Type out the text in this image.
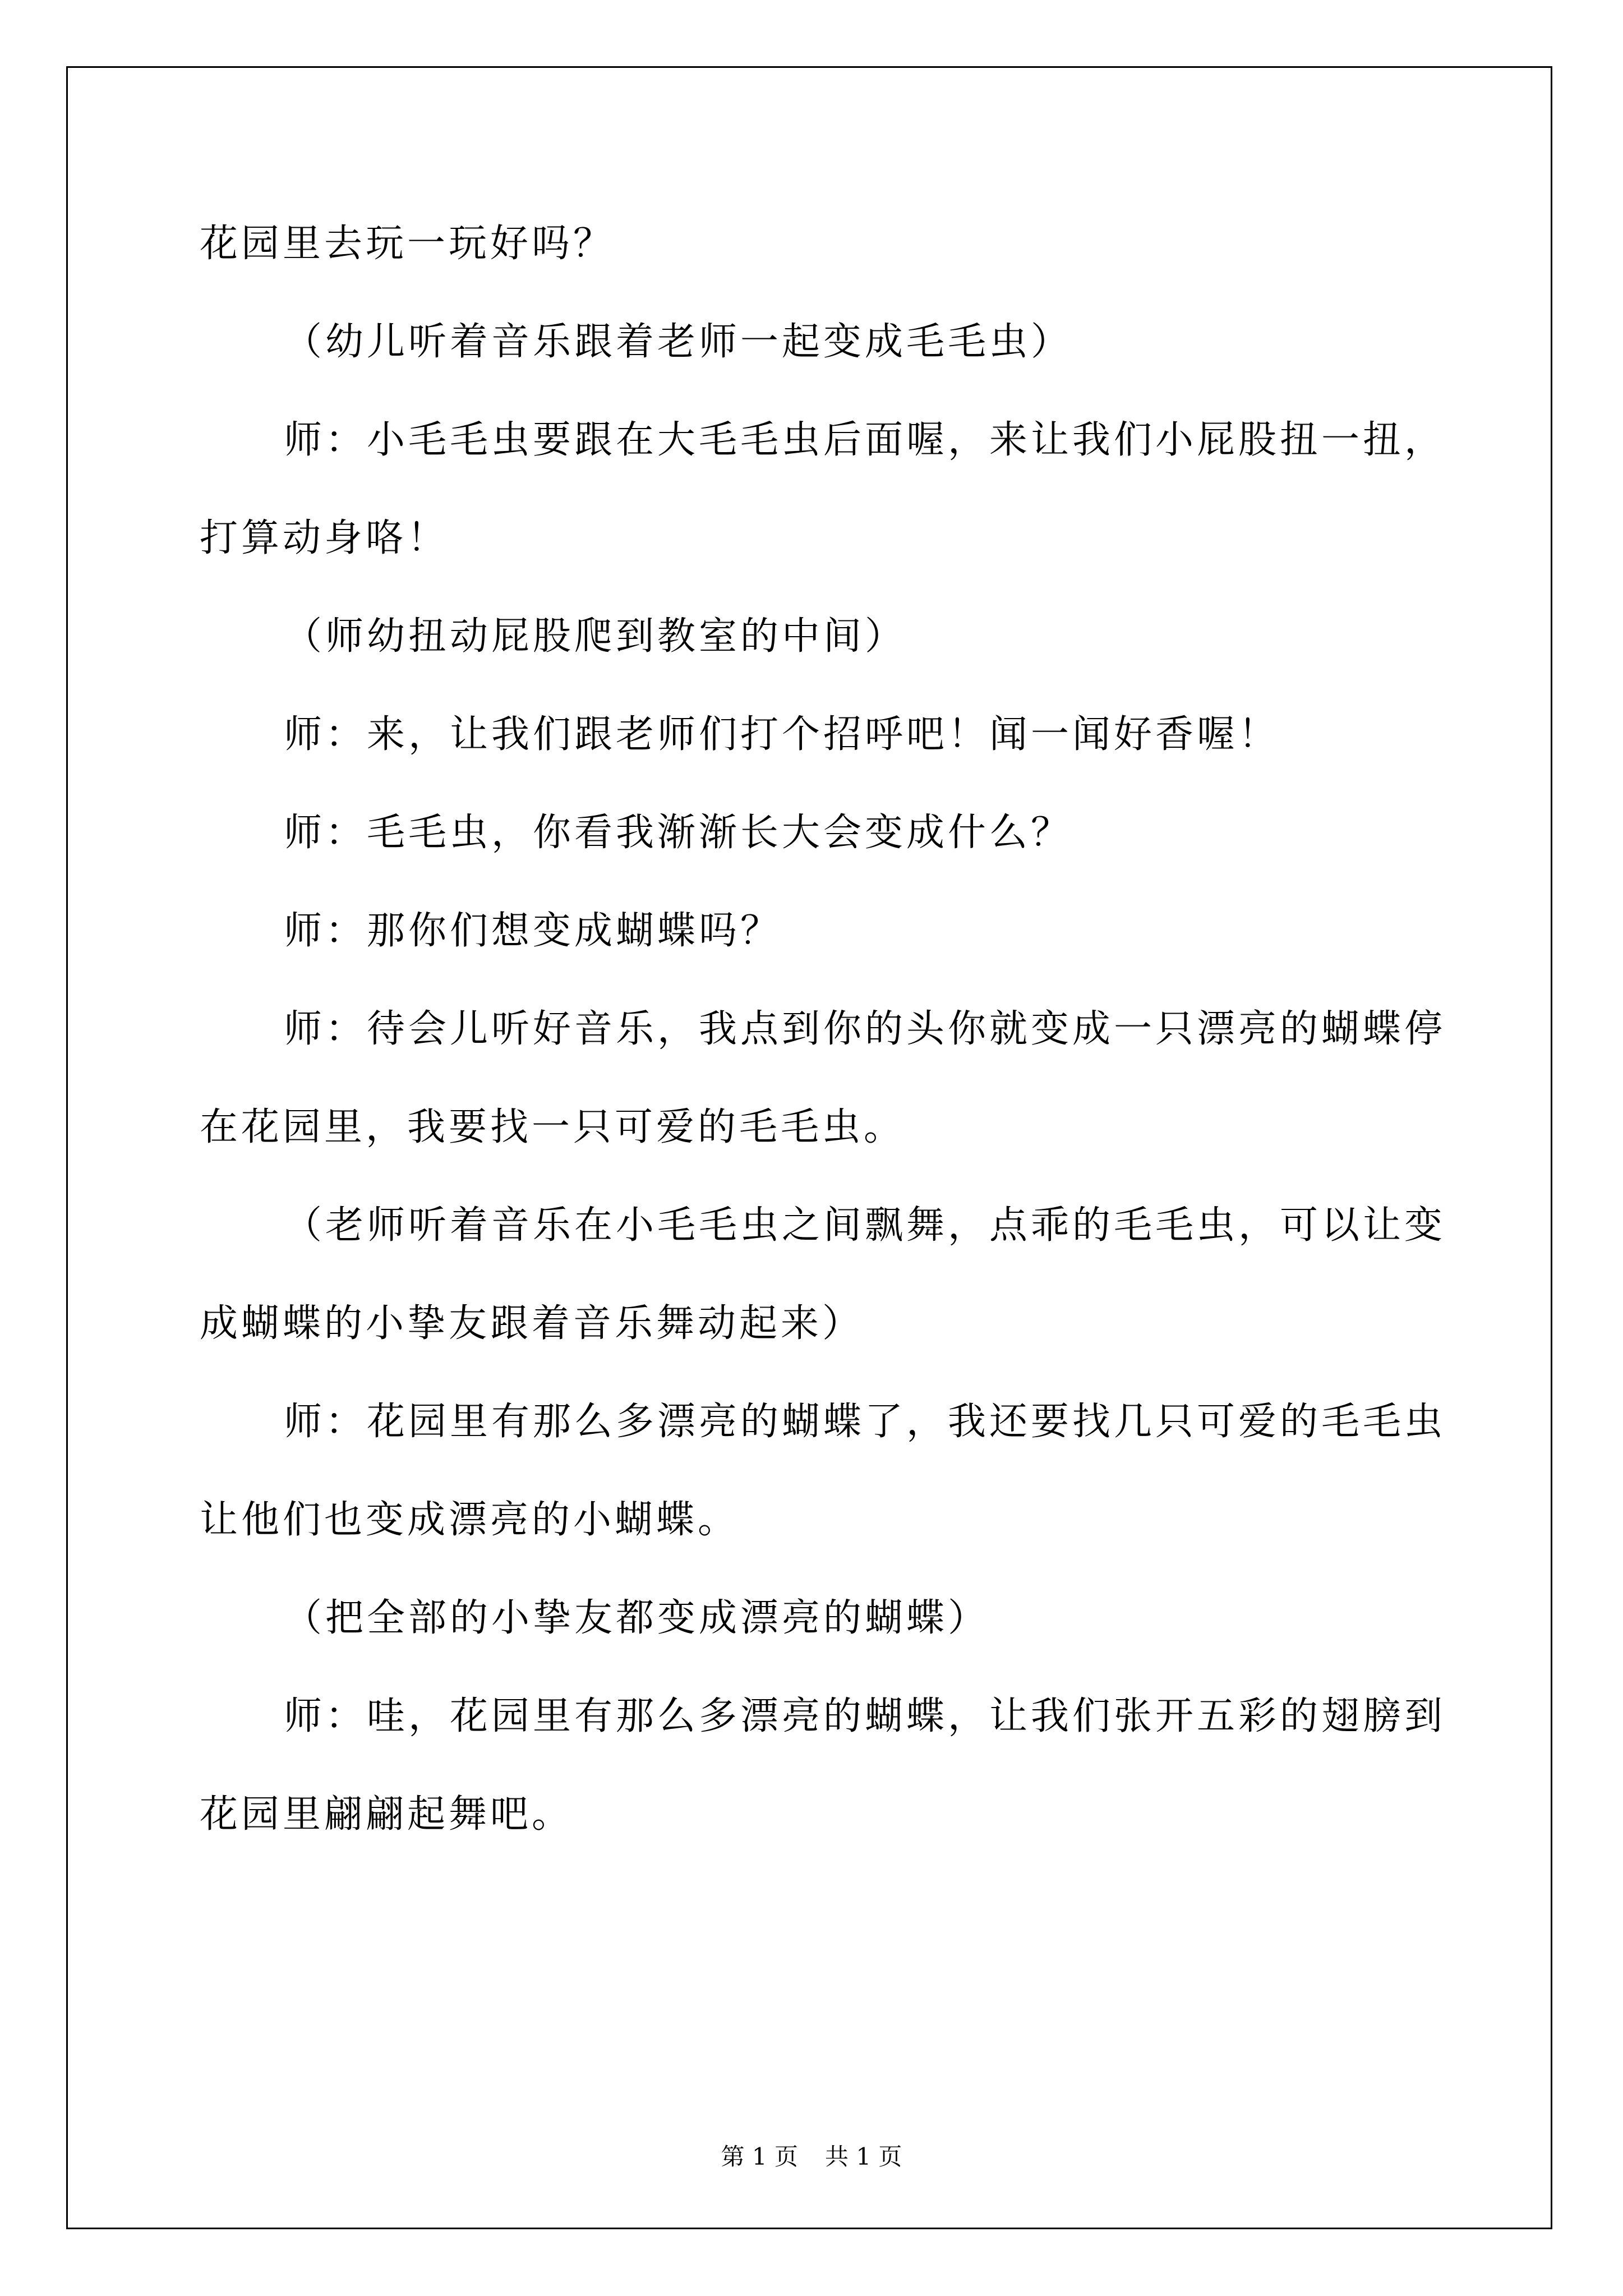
花园里去玩一玩好吗？
（幼儿听着音乐跟着老师一起变成毛毛虫）
师：小毛毛虫要跟在大毛毛虫后面喔，来让我们小屁股扭一扭，
打算动身咯！
（师幼扭动屁股爬到教室的中间）
师：来，让我们跟老师们打个招呼吧！闻一闻好香喔！
师：毛毛虫，你看我渐渐长大会变成什么？
师：那你们想变成蝴蝶吗？
师：待会儿听好音乐，我点到你的头你就变成一只漂亮的蝴蝶停
在花园里，我要找一只可爱的毛毛虫。
（老师听着音乐在小毛毛虫之间飘舞，点乖的毛毛虫，可以让变
成蝴蝶的小挚友跟着音乐舞动起来）
师：花园里有那么多漂亮的蝴蝶了，我还要找几只可爱的毛毛虫
让他们也变成漂亮的小蝴蝶。
（把全部的小挚友都变成漂亮的蝴蝶）
师：哇，花园里有那么多漂亮的蝴蝶，让我们张开五彩的翅膀到
花园里翩翩起舞吧。
第 1 页 共 1 页
